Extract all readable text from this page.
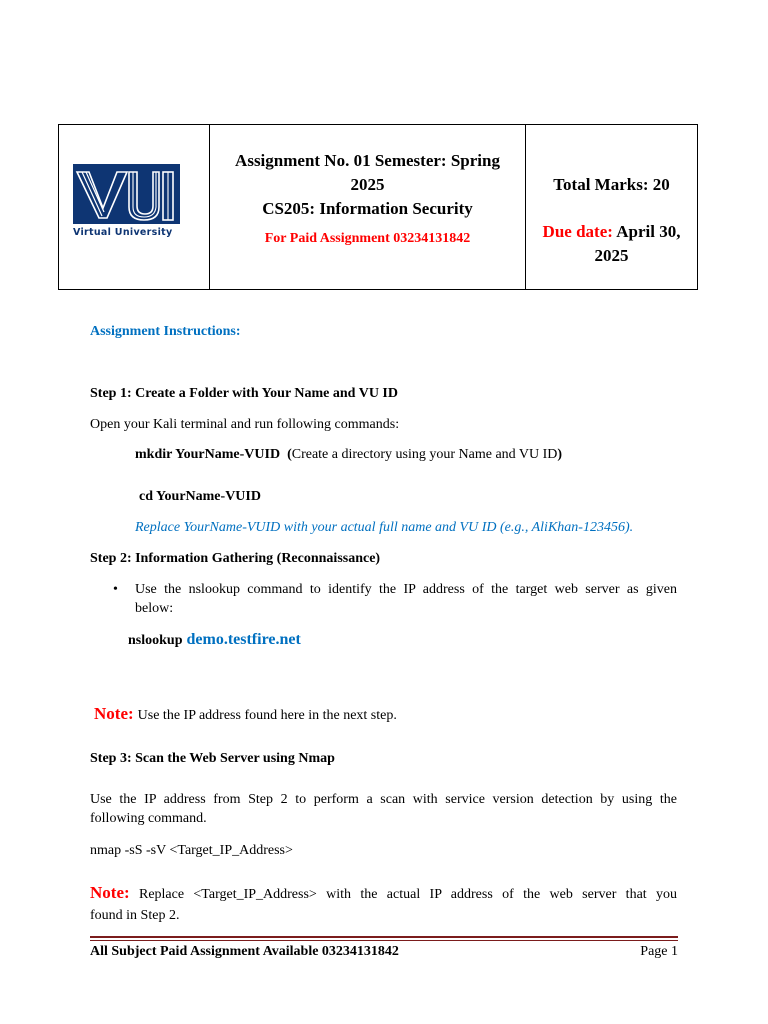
Virtual University
Assignment No. 01 Semester: Spring
2025
CS205: Information Security
For Paid Assignment 03234131842
Total Marks: 20
Due date: April 30,
2025
Assignment Instructions:
Step 1: Create a Folder with Your Name and VU ID
Open your Kali terminal and run following commands:
mkdir YourName-VUID (Create a directory using your Name and VU ID)
cd YourName-VUID
Replace YourName-VUID with your actual full name and VU ID (e.g., AliKhan-123456).
Step 2: Information Gathering (Reconnaissance)
• Use the nslookup command to identify the IP address of the target web server as given
below:
nslookup demo.testfire.net
Note: Use the IP address found here in the next step.
Step 3: Scan the Web Server using Nmap
Use the IP address from Step 2 to perform a scan with service version detection by using the
following command.
nmap -sS -sV <Target_IP_Address>
Note: Replace <Target_IP_Address> with the actual IP address of the web server that you
found in Step 2.
All Subject Paid Assignment Available 03234131842	Page 1
